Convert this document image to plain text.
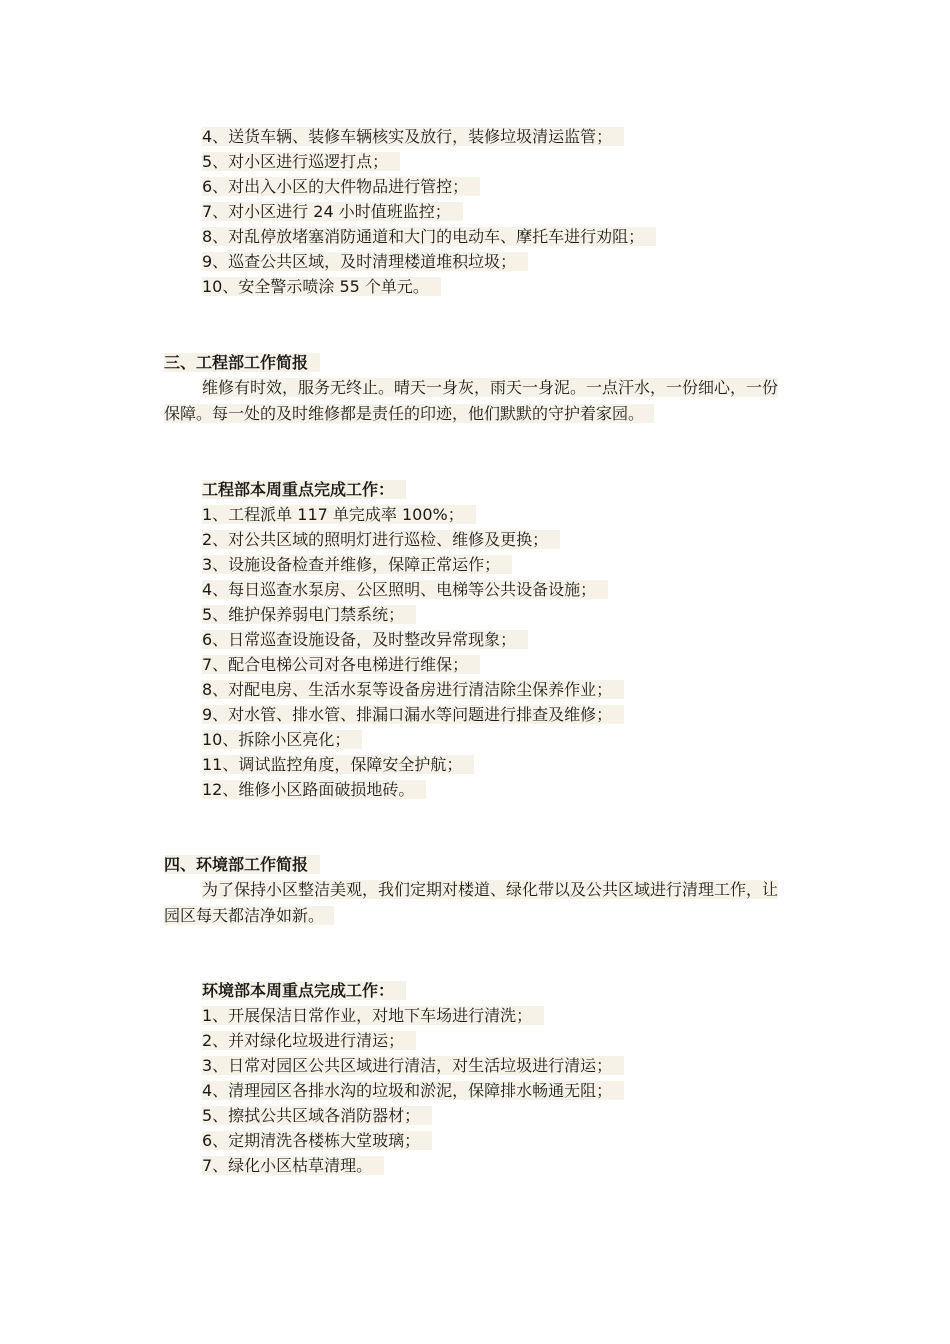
4、送货车辆、装修车辆核实及放行，装修垃圾清运监管；
5、对小区进行巡逻打点；
6、对出入小区的大件物品进行管控；
7、对小区进行 24 小时值班监控；
8、对乱停放堵塞消防通道和大门的电动车、摩托车进行劝阻；
9、巡查公共区域，及时清理楼道堆积垃圾；
10、安全警示喷涂 55 个单元。
三、工程部工作简报
维修有时效，服务无终止。晴天一身灰，雨天一身泥。一点汗水，一份细心，一份保障。每一处的及时维修都是责任的印迹，他们默默的守护着家园。
工程部本周重点完成工作：
1、工程派单 117 单完成率 100%；
2、对公共区域的照明灯进行巡检、维修及更换；
3、设施设备检查并维修，保障正常运作；
4、每日巡查水泵房、公区照明、电梯等公共设备设施；
5、维护保养弱电门禁系统；
6、日常巡查设施设备，及时整改异常现象；
7、配合电梯公司对各电梯进行维保；
8、对配电房、生活水泵等设备房进行清洁除尘保养作业；
9、对水管、排水管、排漏口漏水等问题进行排查及维修；
10、拆除小区亮化；
11、调试监控角度，保障安全护航；
12、维修小区路面破损地砖。
四、环境部工作简报
为了保持小区整洁美观，我们定期对楼道、绿化带以及公共区域进行清理工作，让园区每天都洁净如新。
环境部本周重点完成工作：
1、开展保洁日常作业，对地下车场进行清洗；
2、并对绿化垃圾进行清运；
3、日常对园区公共区域进行清洁，对生活垃圾进行清运；
4、清理园区各排水沟的垃圾和淤泥，保障排水畅通无阻；
5、擦拭公共区域各消防器材；
6、定期清洗各楼栋大堂玻璃；
7、绿化小区枯草清理。
